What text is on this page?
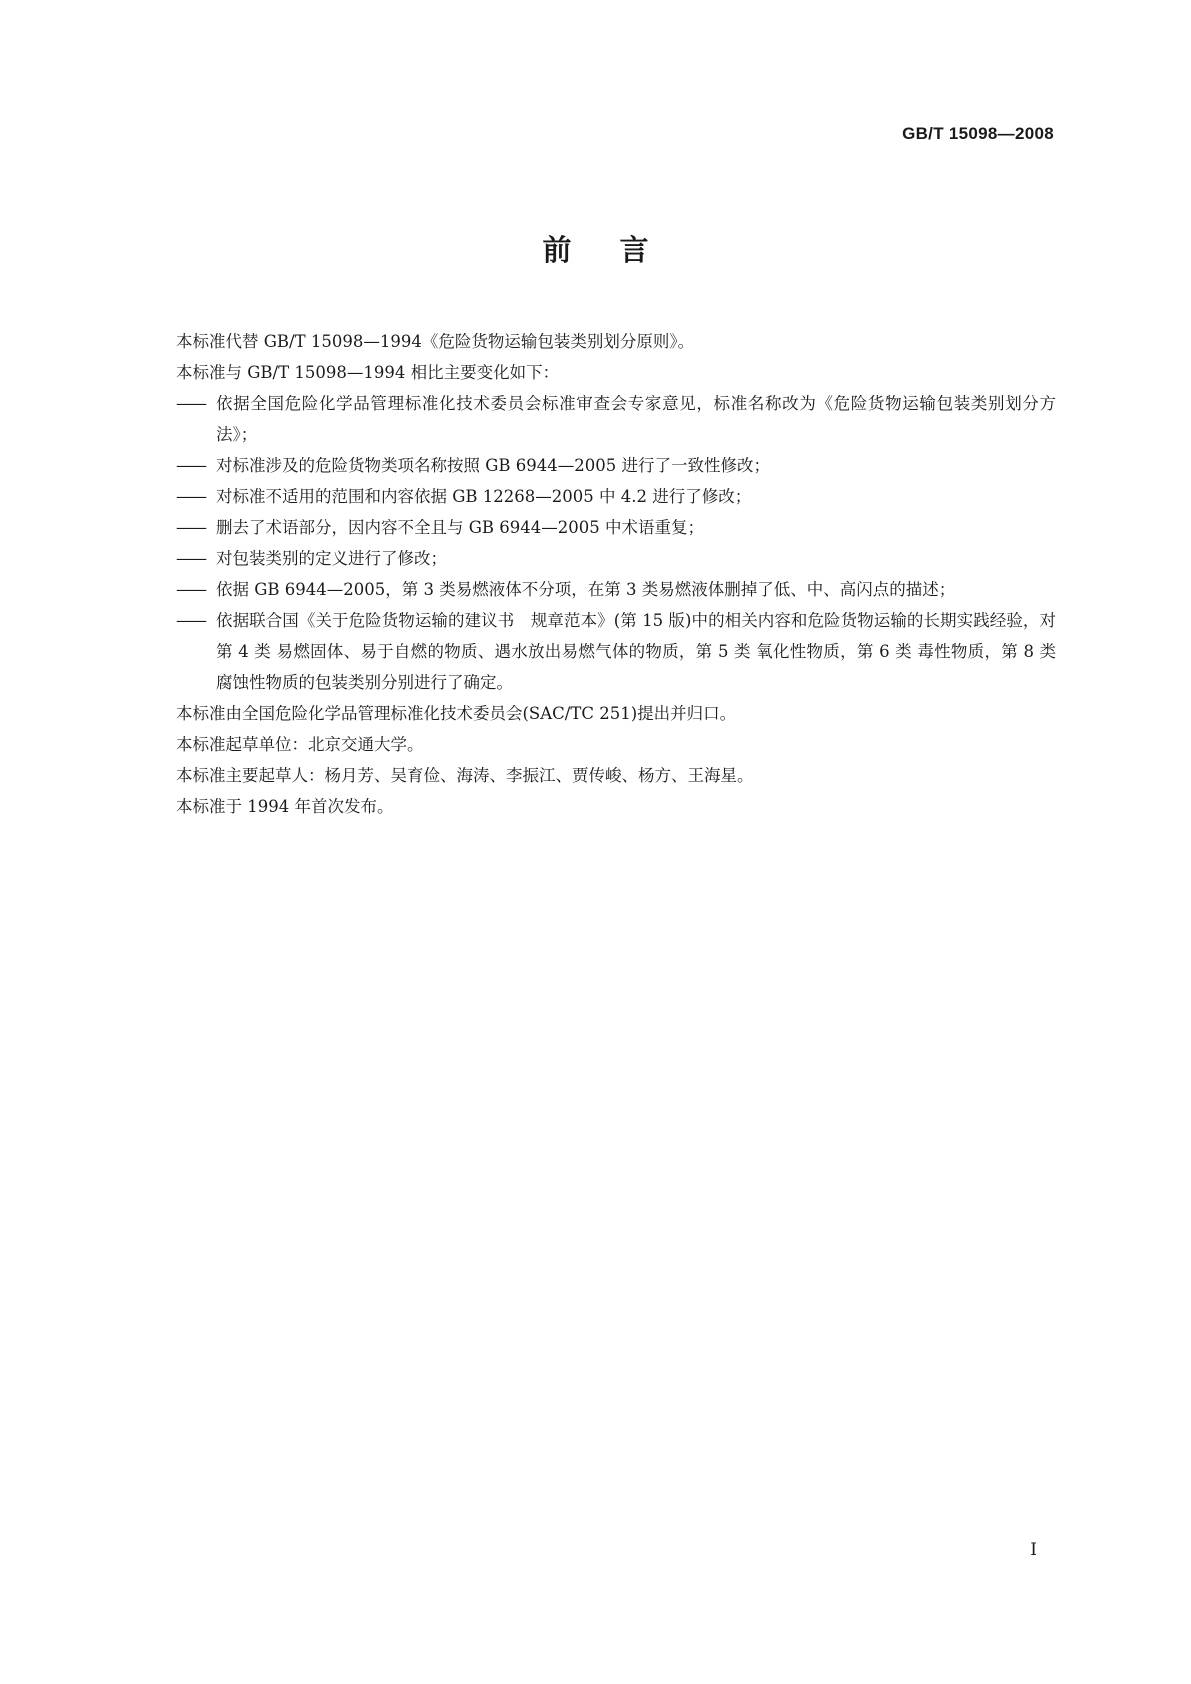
GB/T 15098—2008
前言

本标准代替 GB/T 15098—1994《危险货物运输包装类别划分原则》。

本标准与 GB/T 15098—1994 相比主要变化如下：

—— 依据全国危险化学品管理标准化技术委员会标准审查会专家意见，标准名称改为《危险货物运输包装类别划分方法》；
—— 对标准涉及的危险货物类项名称按照 GB 6944—2005 进行了一致性修改；
—— 对标准不适用的范围和内容依据 GB 12268—2005 中 4.2 进行了修改；
—— 删去了术语部分，因内容不全且与 GB 6944—2005 中术语重复；
—— 对包装类别的定义进行了修改；
—— 依据 GB 6944—2005，第 3 类易燃液体不分项，在第 3 类易燃液体删掉了低、中、高闪点的描述；
—— 依据联合国《关于危险货物运输的建议书　规章范本》(第 15 版)中的相关内容和危险货物运输的长期实践经验，对第 4 类 易燃固体、易于自燃的物质、遇水放出易燃气体的物质，第 5 类 氧化性物质，第 6 类 毒性物质，第 8 类 腐蚀性物质的包装类别分别进行了确定。

本标准由全国危险化学品管理标准化技术委员会(SAC/TC 251)提出并归口。

本标准起草单位：北京交通大学。

本标准主要起草人：杨月芳、吴育俭、海涛、李振江、贾传峻、杨方、王海星。

本标准于 1994 年首次发布。

I
